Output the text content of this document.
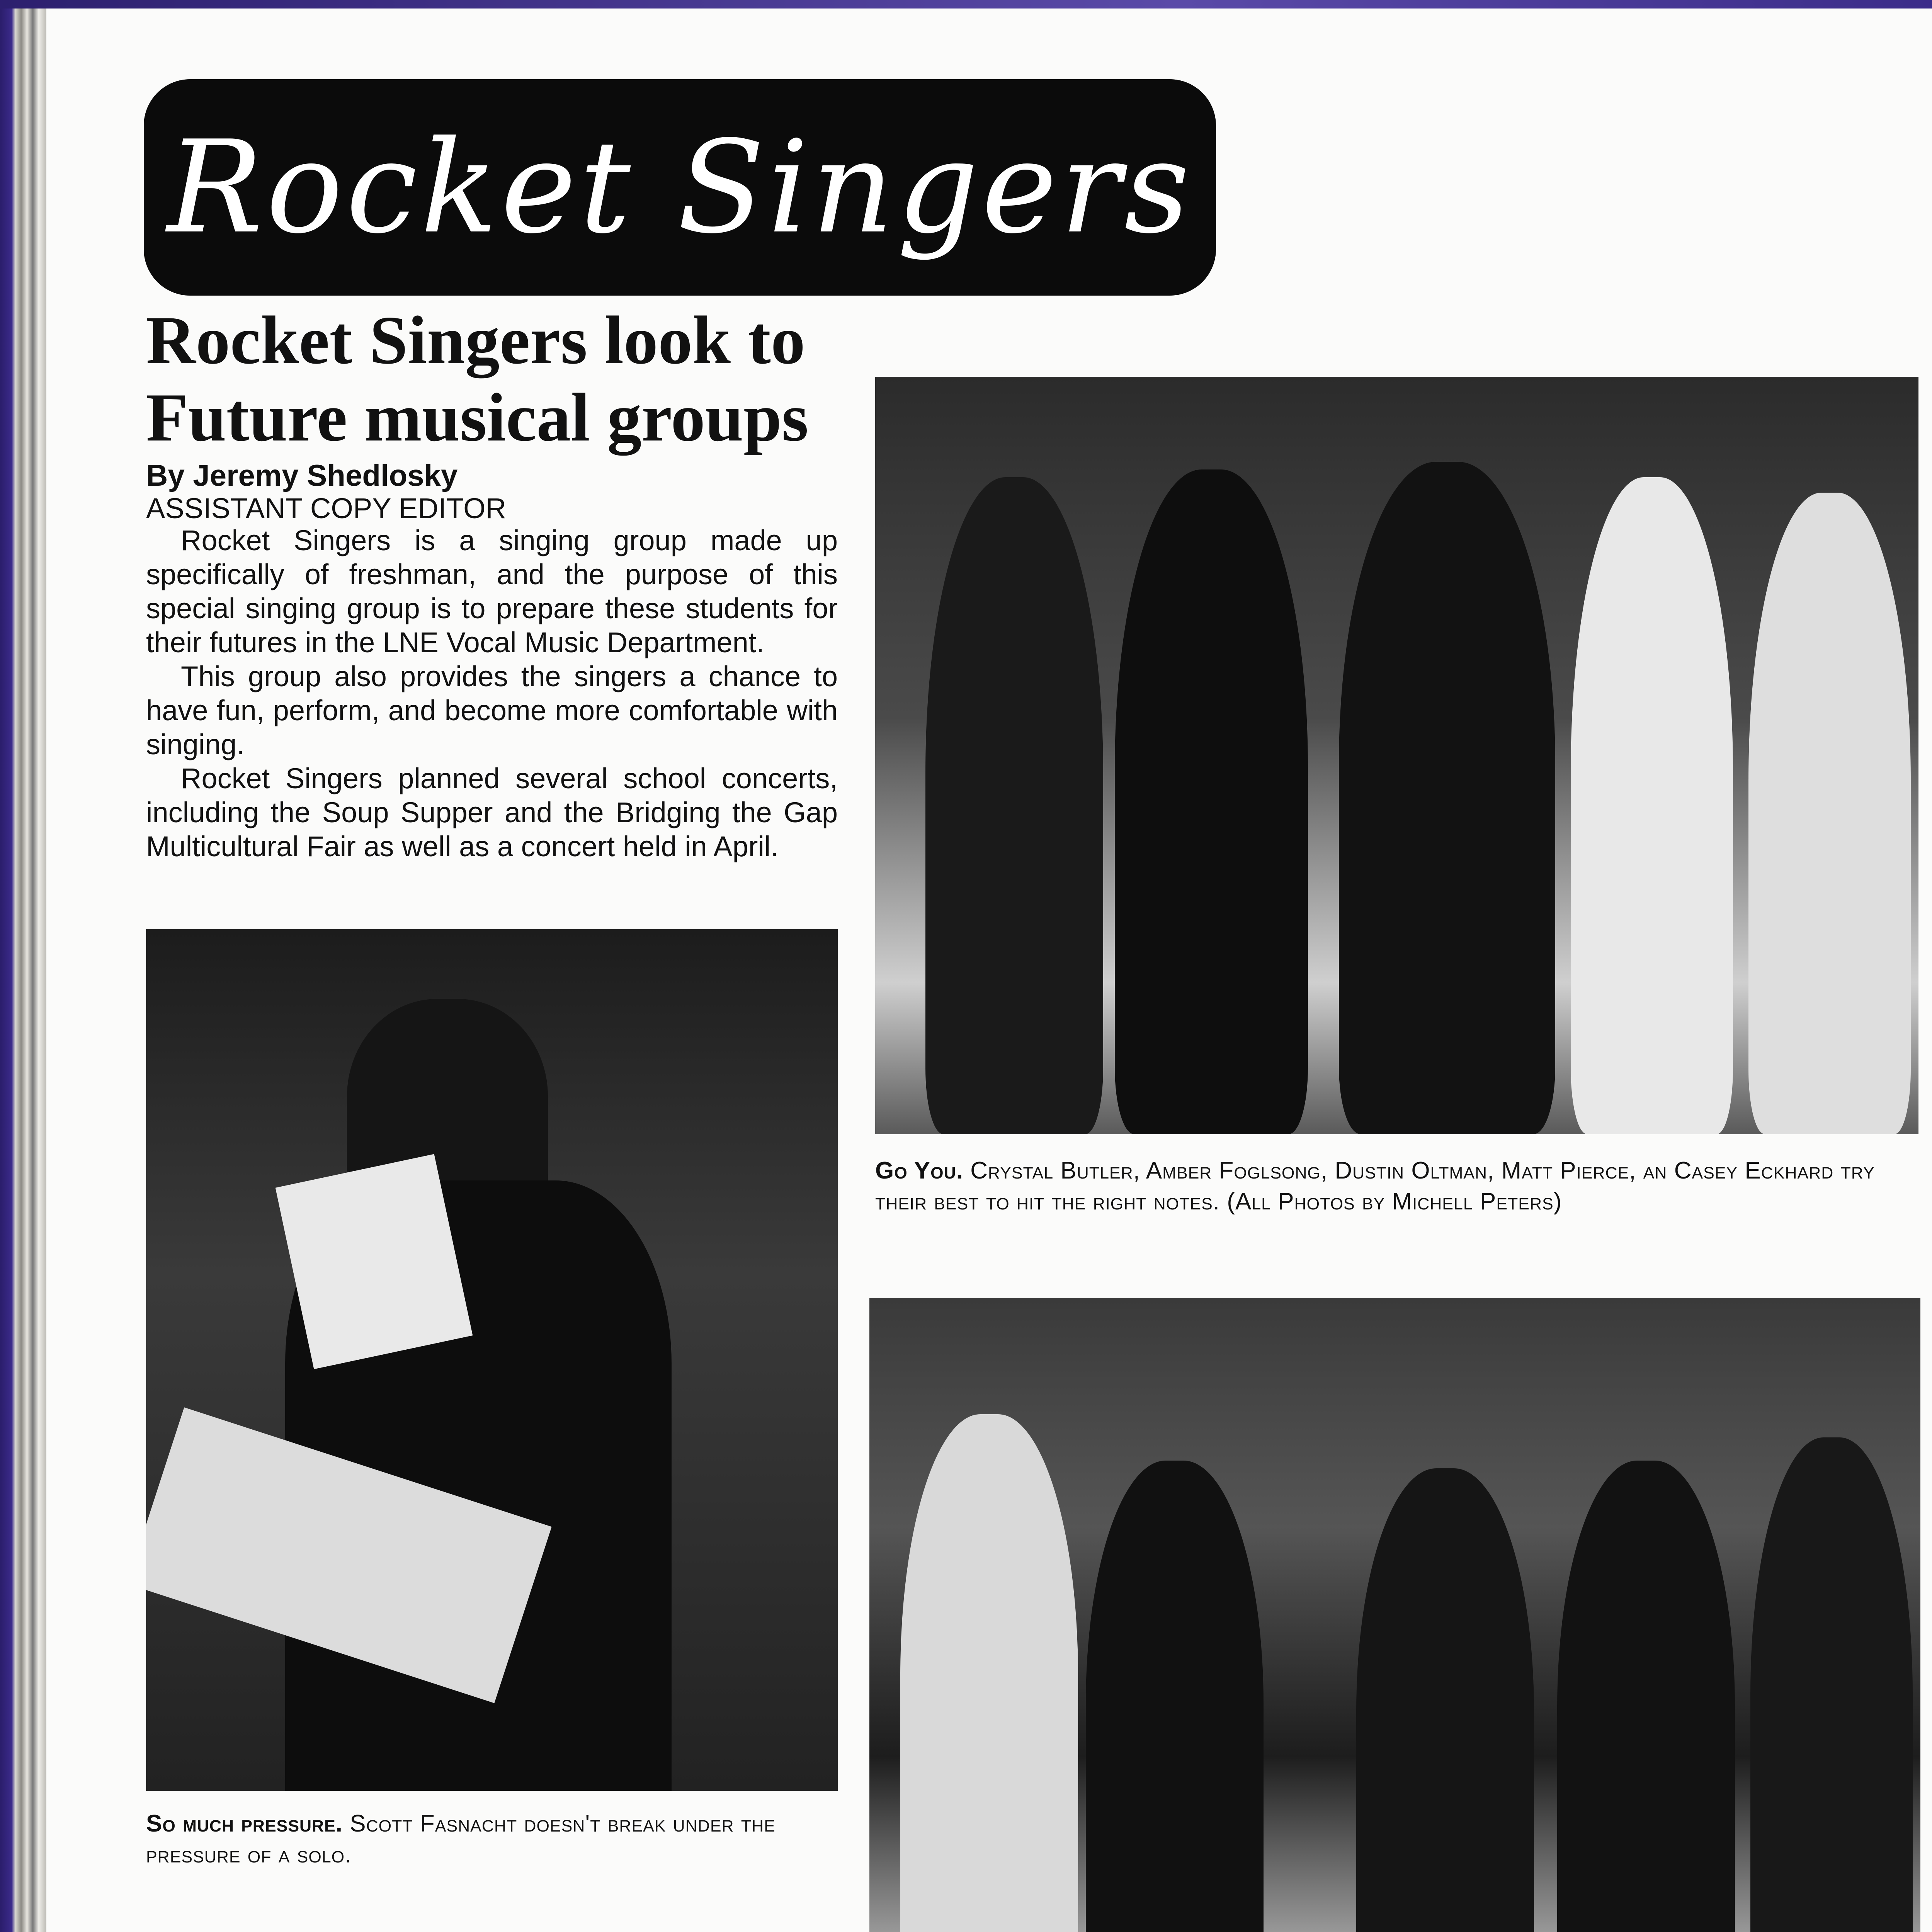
Rocket Singers
Rocket Singers look to
Future musical groups
By Jeremy Shedlosky
ASSISTANT COPY EDITOR

Rocket Singers is a singing group made up specifically of freshman, and the purpose of this special singing group is to prepare these students for their futures in the LNE Vocal Music Department.

This group also provides the singers a chance to have fun, perform, and become more comfortable with singing.

Rocket Singers planned several school concerts, including the Soup Supper and the Bridging the Gap Multicultural Fair as well as a concert held in April.

Go You. Crystal Butler, Amber Foglsong, Dustin Oltman, Matt Pierce, an Casey Eckhard try their best to hit the right notes. (All Photos by Michell Peters)

So much pressure. Scott Fasnacht doesn't break under the pressure of a solo.
